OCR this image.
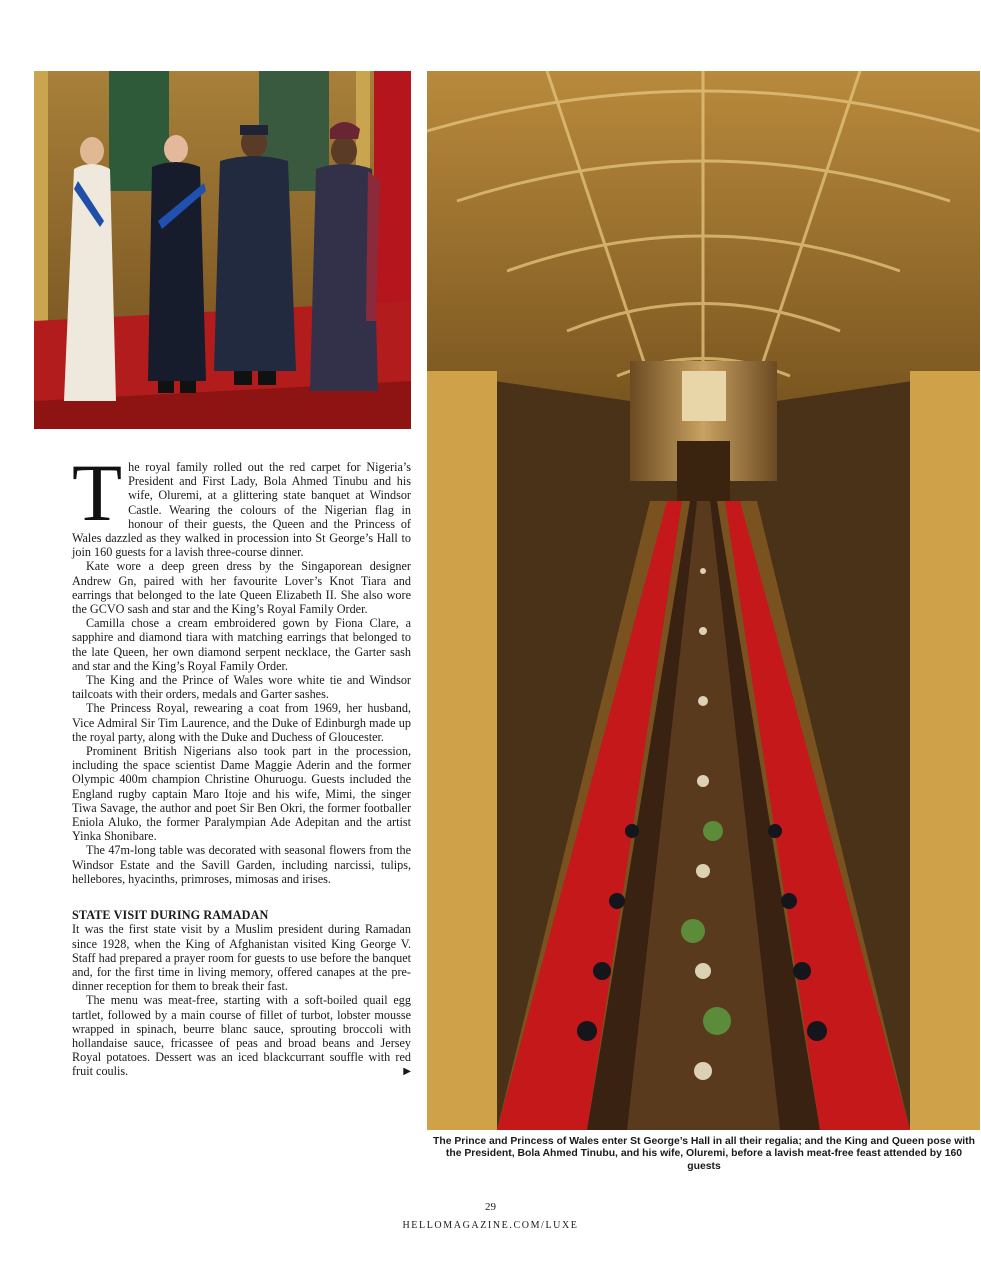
The royal family rolled out the red carpet for Nigeria’s President and First Lady, Bola Ahmed Tinubu and his wife, Oluremi, at a glittering state banquet at Windsor Castle. Wearing the colours of the Nigerian flag in honour of their guests, the Queen and the Princess of Wales dazzled as they walked in procession into St George’s Hall to join 160 guests for a lavish three-course dinner.

Kate wore a deep green dress by the Singaporean designer Andrew Gn, paired with her favourite Lover’s Knot Tiara and earrings that belonged to the late Queen Elizabeth II. She also wore the GCVO sash and star and the King’s Royal Family Order.

Camilla chose a cream embroidered gown by Fiona Clare, a sapphire and diamond tiara with matching earrings that belonged to the late Queen, her own diamond serpent necklace, the Garter sash and star and the King’s Royal Family Order.

The King and the Prince of Wales wore white tie and Windsor tailcoats with their orders, medals and Garter sashes.

The Princess Royal, rewearing a coat from 1969, her husband, Vice Admiral Sir Tim Laurence, and the Duke of Edinburgh made up the royal party, along with the Duke and Duchess of Gloucester.

Prominent British Nigerians also took part in the procession, including the space scientist Dame Maggie Aderin and the former Olympic 400m champion Christine Ohuruogu. Guests included the England rugby captain Maro Itoje and his wife, Mimi, the singer Tiwa Savage, the author and poet Sir Ben Okri, the former footballer Eniola Aluko, the former Paralympian Ade Adepitan and the artist Yinka Shonibare.

The 47m-long table was decorated with seasonal flowers from the Windsor Estate and the Savill Garden, including narcissi, tulips, hellebores, hyacinths, primroses, mimosas and irises.

STATE VISIT DURING RAMADAN

It was the first state visit by a Muslim president during Ramadan since 1928, when the King of Afghanistan visited King George V. Staff had prepared a prayer room for guests to use before the banquet and, for the first time in living memory, offered canapes at the pre-dinner reception for them to break their fast.

The menu was meat-free, starting with a soft-boiled quail egg tartlet, followed by a main course of fillet of turbot, lobster mousse wrapped in spinach, beurre blanc sauce, sprouting broccoli with hollandaise sauce, fricassee of peas and broad beans and Jersey Royal potatoes. Dessert was an iced blackcurrant souffle with red fruit coulis.	▶

The Prince and Princess of Wales enter St George’s Hall in all their regalia; and the King and Queen pose with the President, Bola Ahmed Tinubu, and his wife, Oluremi, before a lavish meat-free feast attended by 160 guests
29
HELLOMAGAZINE.COM/LUXE
